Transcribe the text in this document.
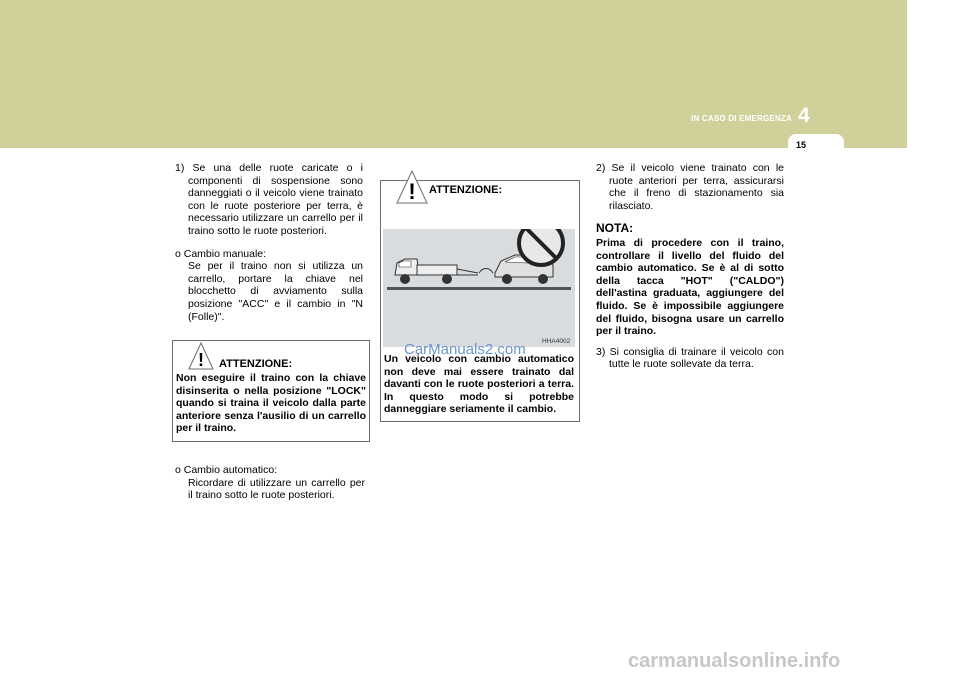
IN CASO DI EMERGENZA 4
15

1) Se una delle ruote caricate o i componenti di sospensione sono danneggiati o il veicolo viene trainato con le ruote posteriore per terra, è necessario utilizzare un carrello per il traino sotto le ruote posteriori.

o Cambio manuale:

Se per il traino non si utilizza un carrello, portare la chiave nel blocchetto di avviamento sulla posizione "ACC" e il cambio in "N (Folle)".

! ATTENZIONE:
Non eseguire il traino con la chiave disinserita o nella posizione "LOCK" quando si traina il veicolo dalla parte anteriore senza l'ausilio di un carrello per il traino.

o Cambio automatico:

Ricordare di utilizzare un carrello per il traino sotto le ruote posteriori.

! ATTENZIONE:
HHA4002
Un veicolo con cambio automatico non deve mai essere trainato dal davanti con le ruote posteriori a terra. In questo modo si potrebbe danneggiare seriamente il cambio.
CarManuals2.com

2) Se il veicolo viene trainato con le ruote anteriori per terra, assicurarsi che il freno di stazionamento sia rilasciato.

NOTA:

Prima di procedere con il traino, controllare il livello del fluido del cambio automatico. Se è al di sotto della tacca "HOT" ("CALDO") dell'astina graduata, aggiungere del fluido. Se è impossibile aggiungere del fluido, bisogna usare un carrello per il traino.

3) Si consiglia di trainare il veicolo con tutte le ruote sollevate da terra.

carmanualsonline.info
